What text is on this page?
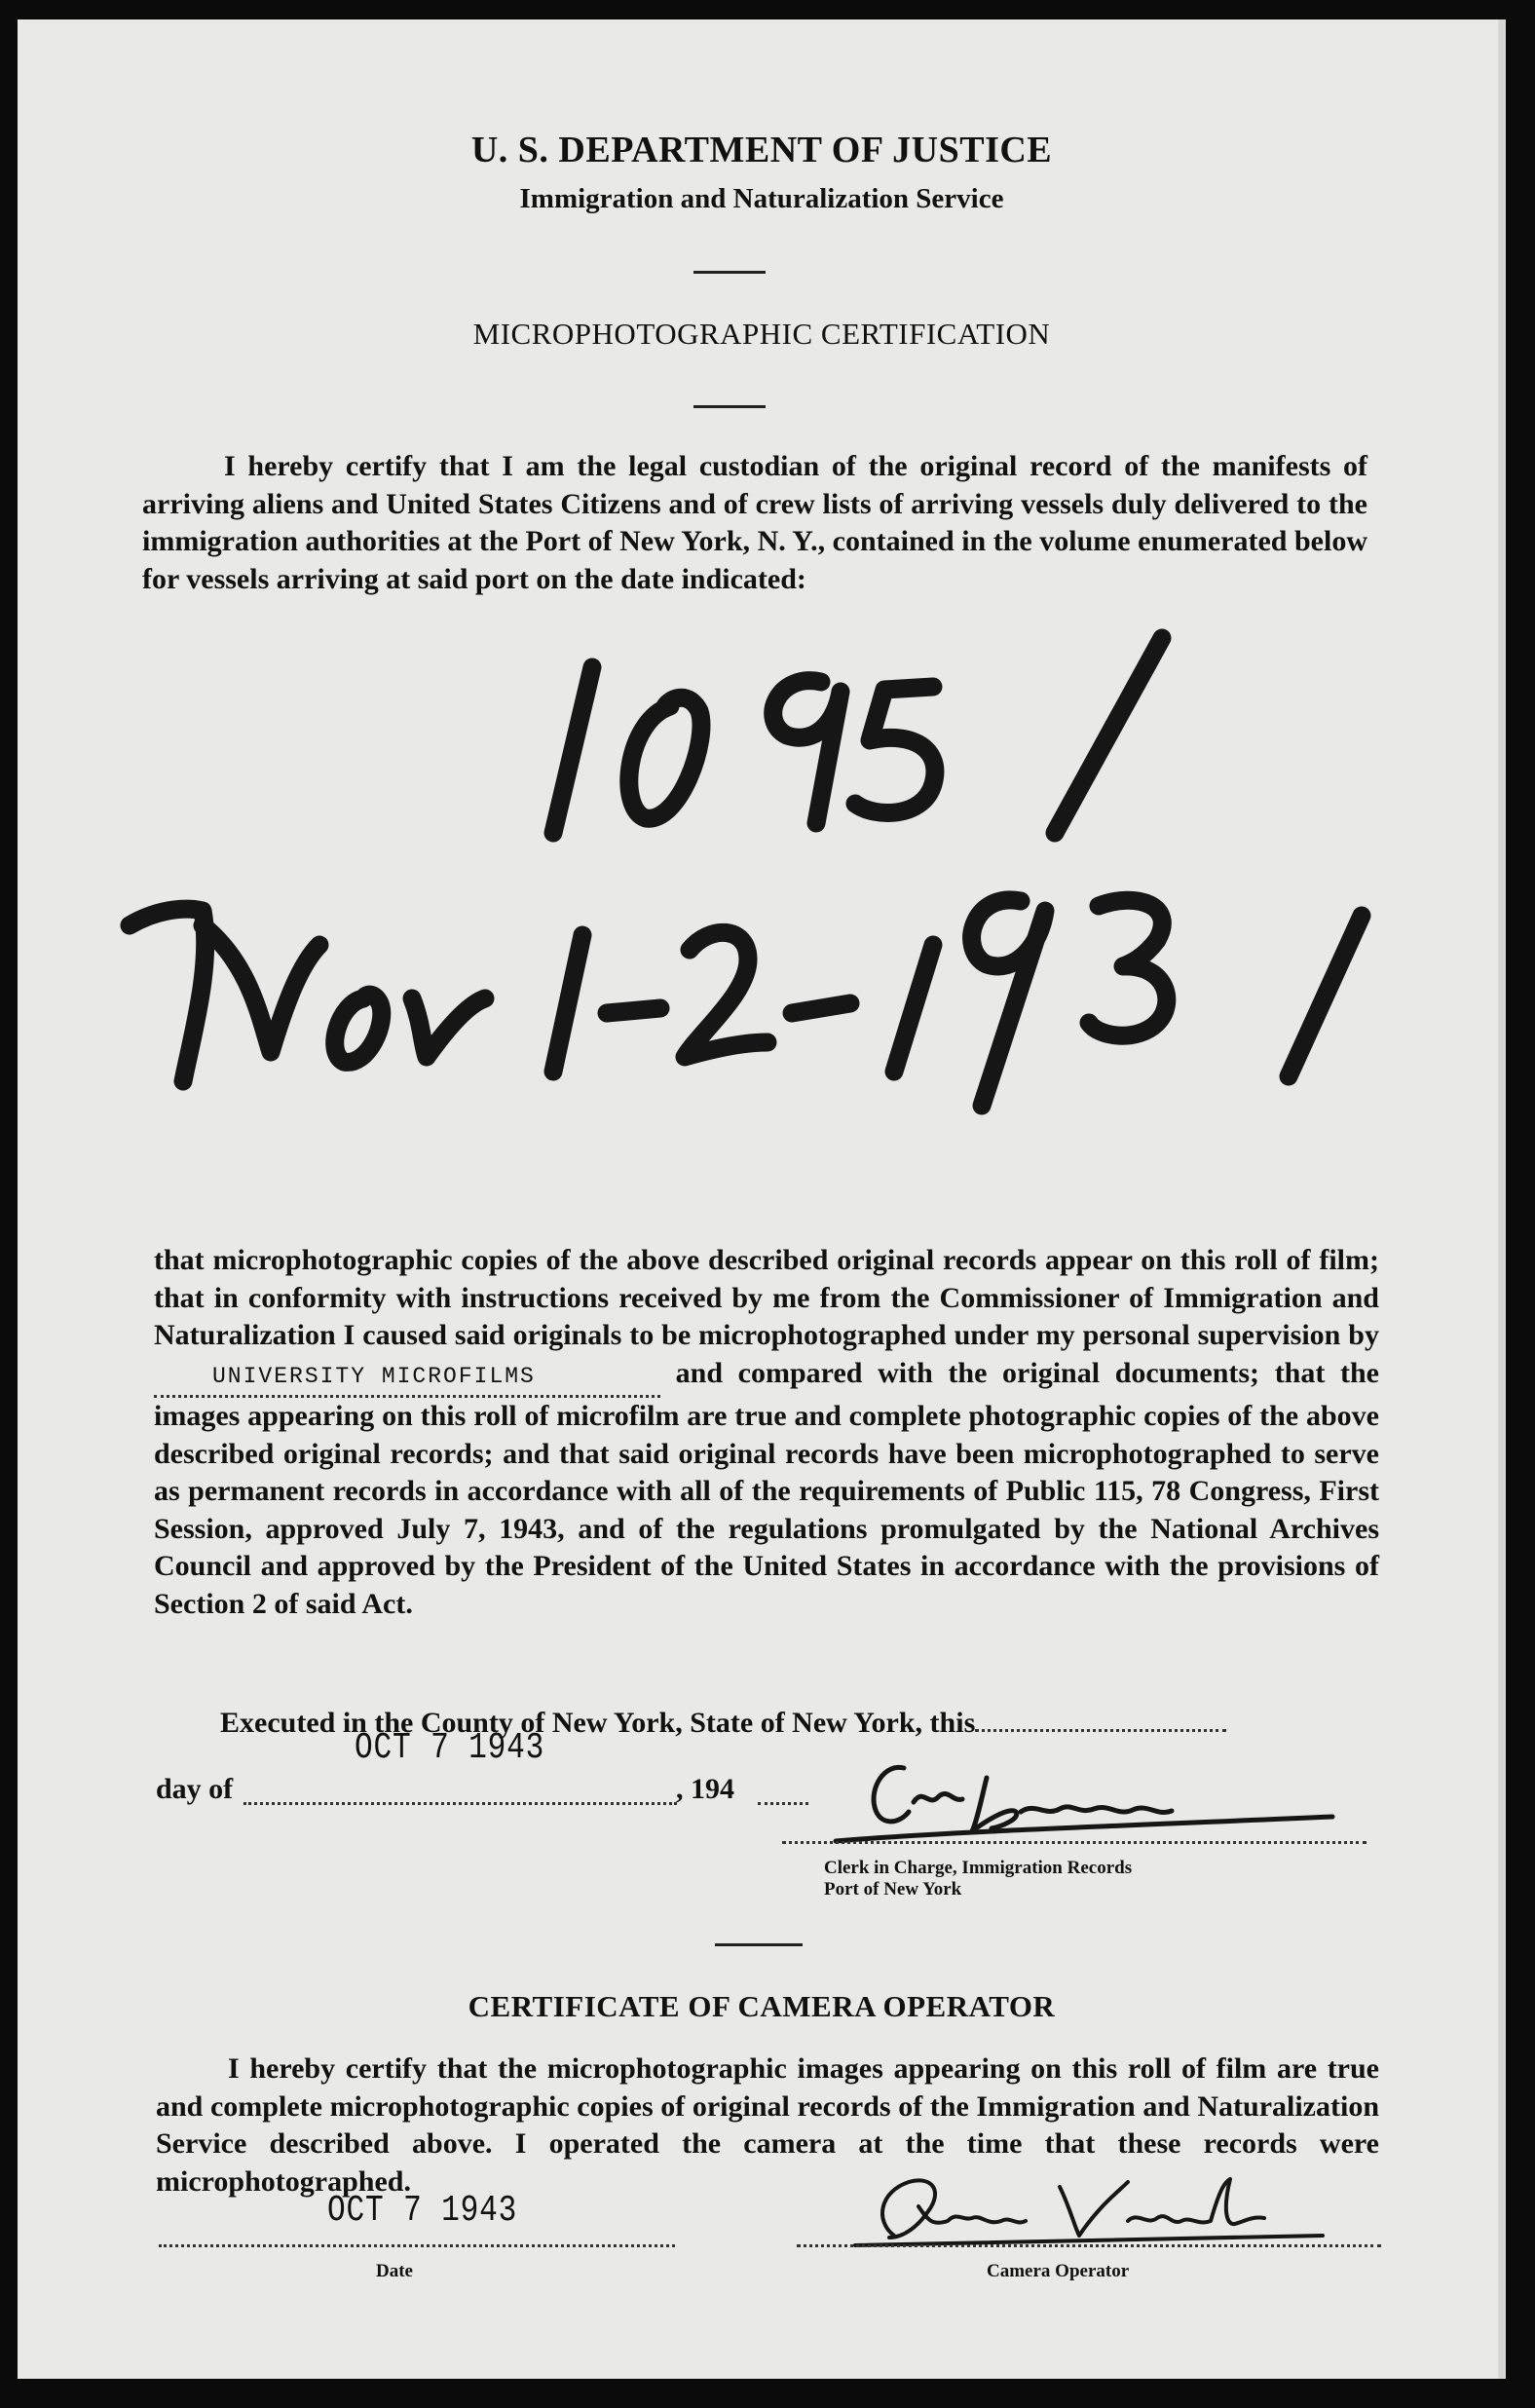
U. S. DEPARTMENT OF JUSTICE
Immigration and Naturalization Service
MICROPHOTOGRAPHIC CERTIFICATION
I hereby certify that I am the legal custodian of the original record of the manifests of arriving aliens and United States Citizens and of crew lists of arriving vessels duly delivered to the immigration authorities at the Port of New York, N. Y., contained in the volume enumerated below for vessels arriving at said port on the date indicated:
that microphotographic copies of the above described original records appear on this roll of film; that in conformity with instructions received by me from the Commissioner of Immigration and Naturalization I caused said originals to be microphotographed under my personal supervision byUNIVERSITY MICROFILMS	and compared with the original documents; that the images appearing on this roll of microfilm are true and complete photographic copies of the above described original records; and that said original records have been microphotographed to serve as permanent records in accordance with all of the requirements of Public 115, 78 Congress, First Session, approved July 7, 1943, and of the regulations promulgated by the National Archives Council and approved by the President of the United States in accordance with the provisions of Section 2 of said Act.
Executed in the County of New York, State of New York, this
day of
OCT 7 1943
, 194
Clerk in Charge, Immigration Records
Port of New York
CERTIFICATE OF CAMERA OPERATOR
I hereby certify that the microphotographic images appearing on this roll of film are true and complete microphotographic copies of original records of the Immigration and Naturalization Service described above. I operated the camera at the time that these records were microphotographed.
OCT 7 1943
Date	Camera Operator
